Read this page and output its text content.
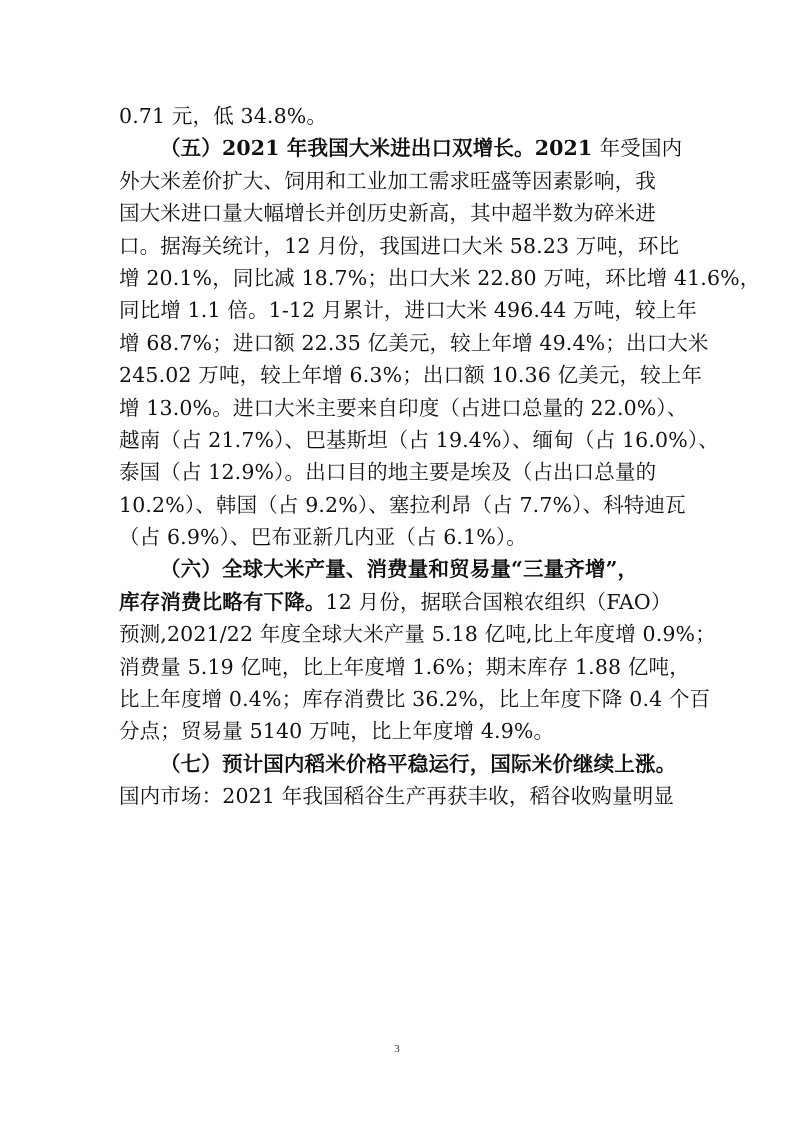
0.71 元，低 34.8%。
（五）2021 年我国大米进出口双增长。2021 年受国内
外大米差价扩大、饲用和工业加工需求旺盛等因素影响，我
国大米进口量大幅增长并创历史新高，其中超半数为碎米进
口。据海关统计，12 月份，我国进口大米 58.23 万吨，环比
增 20.1%，同比减 18.7%；出口大米 22.80 万吨，环比增 41.6%，
同比增 1.1 倍。1-12 月累计，进口大米 496.44 万吨，较上年
增 68.7%；进口额 22.35 亿美元，较上年增 49.4%；出口大米
245.02 万吨，较上年增 6.3%；出口额 10.36 亿美元，较上年
增 13.0%。进口大米主要来自印度（占进口总量的 22.0%）、
越南（占 21.7%）、巴基斯坦（占 19.4%）、缅甸（占 16.0%）、
泰国（占 12.9%）。出口目的地主要是埃及（占出口总量的
10.2%）、韩国（占 9.2%）、塞拉利昂（占 7.7%）、科特迪瓦
（占 6.9%）、巴布亚新几内亚（占 6.1%）。
（六）全球大米产量、消费量和贸易量“三量齐增”，
库存消费比略有下降。12 月份，据联合国粮农组织（FAO）
预测,2021/22 年度全球大米产量 5.18 亿吨,比上年度增 0.9%；
消费量 5.19 亿吨，比上年度增 1.6%；期末库存 1.88 亿吨，
比上年度增 0.4%；库存消费比 36.2%，比上年度下降 0.4 个百
分点；贸易量 5140 万吨，比上年度增 4.9%。
（七）预计国内稻米价格平稳运行，国际米价继续上涨。
国内市场：2021 年我国稻谷生产再获丰收，稻谷收购量明显
3
